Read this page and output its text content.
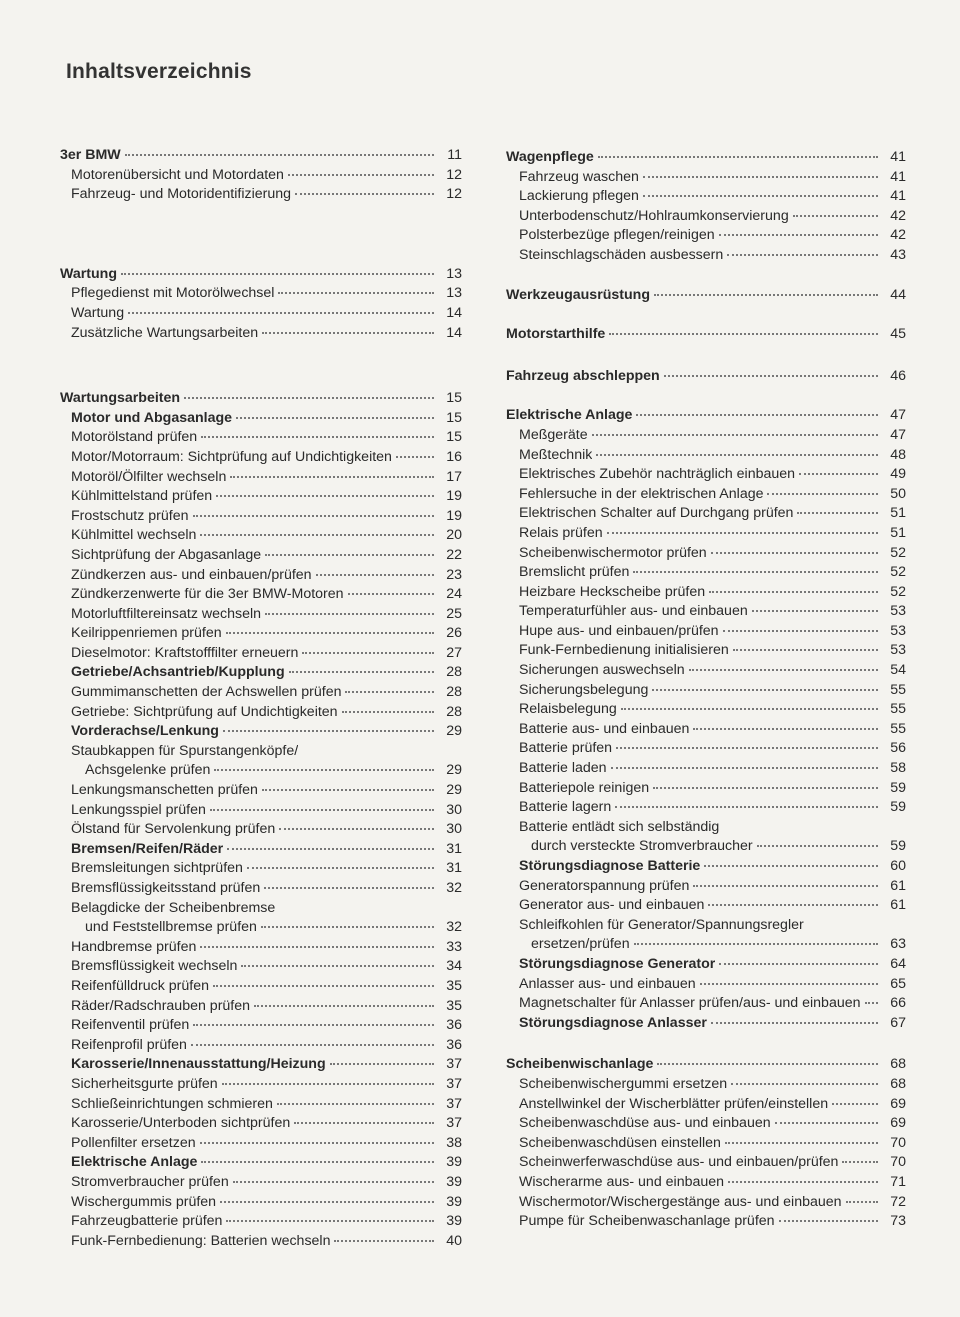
Inhaltsverzeichnis
3er BMW	11
Motorenübersicht und Motordaten	12
Fahrzeug- und Motoridentifizierung	12
Wartung	13
Pflegedienst mit Motorölwechsel	13
Wartung	14
Zusätzliche Wartungsarbeiten	14
Wartungsarbeiten	15
Motor und Abgasanlage	15
Motorölstand prüfen	15
Motor/Motorraum: Sichtprüfung auf Undichtigkeiten	16
Motoröl/Ölfilter wechseln	17
Kühlmittelstand prüfen	19
Frostschutz prüfen	19
Kühlmittel wechseln	20
Sichtprüfung der Abgasanlage	22
Zündkerzen aus- und einbauen/prüfen	23
Zündkerzenwerte für die 3er BMW-Motoren	24
Motorluftfiltereinsatz wechseln	25
Keilrippenriemen prüfen	26
Dieselmotor: Kraftstofffilter erneuern	27
Getriebe/Achsantrieb/Kupplung	28
Gummimanschetten der Achswellen prüfen	28
Getriebe: Sichtprüfung auf Undichtigkeiten	28
Vorderachse/Lenkung	29
Staubkappen für Spurstangenköpfe/
Achsgelenke prüfen	29
Lenkungsmanschetten prüfen	29
Lenkungsspiel prüfen	30
Ölstand für Servolenkung prüfen	30
Bremsen/Reifen/Räder	31
Bremsleitungen sichtprüfen	31
Bremsflüssigkeitsstand prüfen	32
Belagdicke der Scheibenbremse
und Feststellbremse prüfen	32
Handbremse prüfen	33
Bremsflüssigkeit wechseln	34
Reifenfülldruck prüfen	35
Räder/Radschrauben prüfen	35
Reifenventil prüfen	36
Reifenprofil prüfen	36
Karosserie/Innenausstattung/Heizung	37
Sicherheitsgurte prüfen	37
Schließeinrichtungen schmieren	37
Karosserie/Unterboden sichtprüfen	37
Pollenfilter ersetzen	38
Elektrische Anlage	39
Stromverbraucher prüfen	39
Wischergummis prüfen	39
Fahrzeugbatterie prüfen	39
Funk-Fernbedienung: Batterien wechseln	40
Wagenpflege	41
Fahrzeug waschen	41
Lackierung pflegen	41
Unterbodenschutz/Hohlraumkonservierung	42
Polsterbezüge pflegen/reinigen	42
Steinschlagschäden ausbessern	43
Werkzeugausrüstung	44
Motorstarthilfe	45
Fahrzeug abschleppen	46
Elektrische Anlage	47
Meßgeräte	47
Meßtechnik	48
Elektrisches Zubehör nachträglich einbauen	49
Fehlersuche in der elektrischen Anlage	50
Elektrischen Schalter auf Durchgang prüfen	51
Relais prüfen	51
Scheibenwischermotor prüfen	52
Bremslicht prüfen	52
Heizbare Heckscheibe prüfen	52
Temperaturfühler aus- und einbauen	53
Hupe aus- und einbauen/prüfen	53
Funk-Fernbedienung initialisieren	53
Sicherungen auswechseln	54
Sicherungsbelegung	55
Relaisbelegung	55
Batterie aus- und einbauen	55
Batterie prüfen	56
Batterie laden	58
Batteriepole reinigen	59
Batterie lagern	59
Batterie entlädt sich selbständig
durch versteckte Stromverbraucher	59
Störungsdiagnose Batterie	60
Generatorspannung prüfen	61
Generator aus- und einbauen	61
Schleifkohlen für Generator/Spannungsregler
ersetzen/prüfen	63
Störungsdiagnose Generator	64
Anlasser aus- und einbauen	65
Magnetschalter für Anlasser prüfen/aus- und einbauen	66
Störungsdiagnose Anlasser	67
Scheibenwischanlage	68
Scheibenwischergummi ersetzen	68
Anstellwinkel der Wischerblätter prüfen/einstellen	69
Scheibenwaschdüse aus- und einbauen	69
Scheibenwaschdüsen einstellen	70
Scheinwerferwaschdüse aus- und einbauen/prüfen	70
Wischerarme aus- und einbauen	71
Wischermotor/Wischergestänge aus- und einbauen	72
Pumpe für Scheibenwaschanlage prüfen	73
